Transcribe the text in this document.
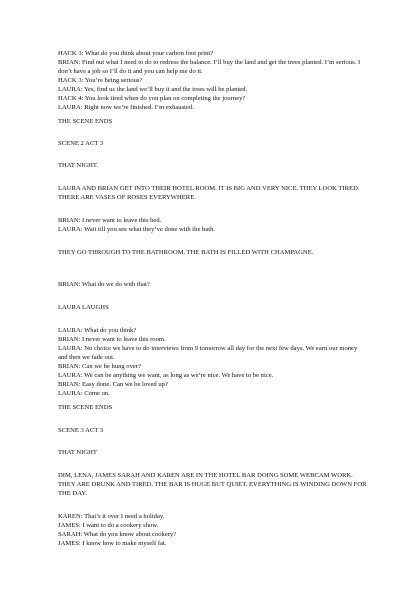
HACK 3: What do you think about your carbon foot print?
BRIAN: Find out what I need to do to redress the balance. I’ll buy the land and get the trees planted. I’m serious. I don’t have a job so I’ll do it and you can help me do it.
HACK 3: You’re being serious?
LAURA: Yes, find us the land we’ll buy it and the trees will be planted.
HACK 4: You look tired when do you plan on completing the journey?
LAURA: Right now we’re finished. I’m exhausted.
THE SCENE ENDS
SCENE 2 ACT 3
THAT NIGHT.
LAURA AND BRIAN GET INTO THEIR HOTEL ROOM. IT IS BIG AND VERY NICE. THEY LOOK TIRED. THERE ARE VASES OF ROSES EVERYWHERE.
BRIAN: I never want to leave this bed.
LAURA: Wait till you see what they’ve done with the bath.
THEY GO THROUGH TO THE BATHROOM. THE BATH IS FILLED WITH CHAMPAGNE.
BRIAN: What do we do with that?
LAURA LAUGHS
LAURA: What do you think?
BRIAN: I never want to leave this room.
LAURA: No choice we have to do interviews from 9 tomorrow all day for the next few days. We earn our money and then we fade out.
BRIAN: Can we be hung over?
LAURA: We can be anything we want, as long as we’re nice. We have to be nice.
BRIAN: Easy done. Can we be loved up?
LAURA: Come on.
THE SCENE ENDS
SCENE 3 ACT 3
THAT NIGHT
DIM, LENA, JAMES SARAH AND KAREN ARE IN THE HOTEL BAR DOING SOME WEBCAM WORK. THEY ARE DRUNK AND TIRED. THE BAR IS HUGE BUT QUIET. EVERYTHING IS WINDING DOWN FOR THE DAY.
KAREN: That’s it over I need a holiday.
JAMES: I want to do a cookery show.
SARAH: What do you know about cookery?
JAMES: I know how to make myself fat.
